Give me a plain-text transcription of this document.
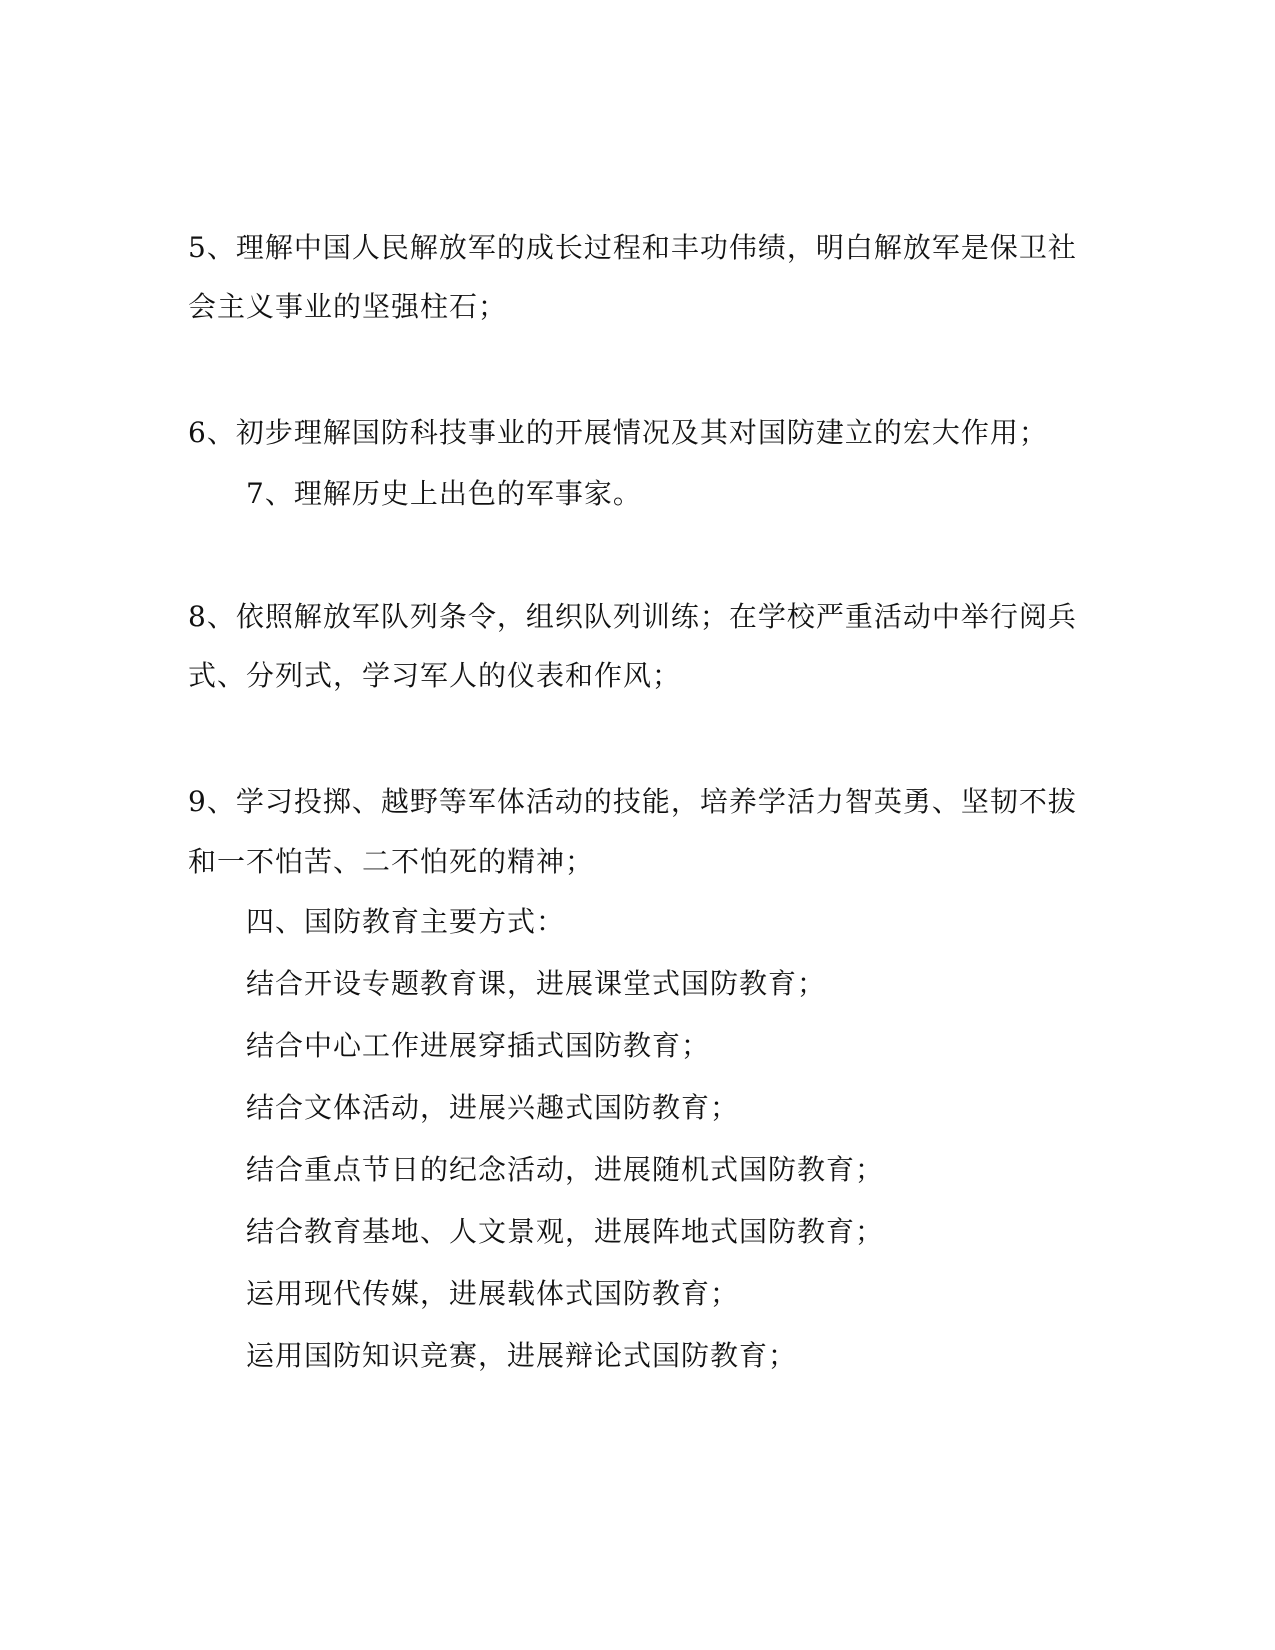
5、理解中国人民解放军的成长过程和丰功伟绩，明白解放军是保卫社
会主义事业的坚强柱石；
6、初步理解国防科技事业的开展情况及其对国防建立的宏大作用；
7、理解历史上出色的军事家。
8、依照解放军队列条令，组织队列训练；在学校严重活动中举行阅兵
式、分列式，学习军人的仪表和作风；
9、学习投掷、越野等军体活动的技能，培养学活力智英勇、坚韧不拔
和一不怕苦、二不怕死的精神；
四、国防教育主要方式：
结合开设专题教育课，进展课堂式国防教育；
结合中心工作进展穿插式国防教育；
结合文体活动，进展兴趣式国防教育；
结合重点节日的纪念活动，进展随机式国防教育；
结合教育基地、人文景观，进展阵地式国防教育；
运用现代传媒，进展载体式国防教育；
运用国防知识竞赛，进展辩论式国防教育；
